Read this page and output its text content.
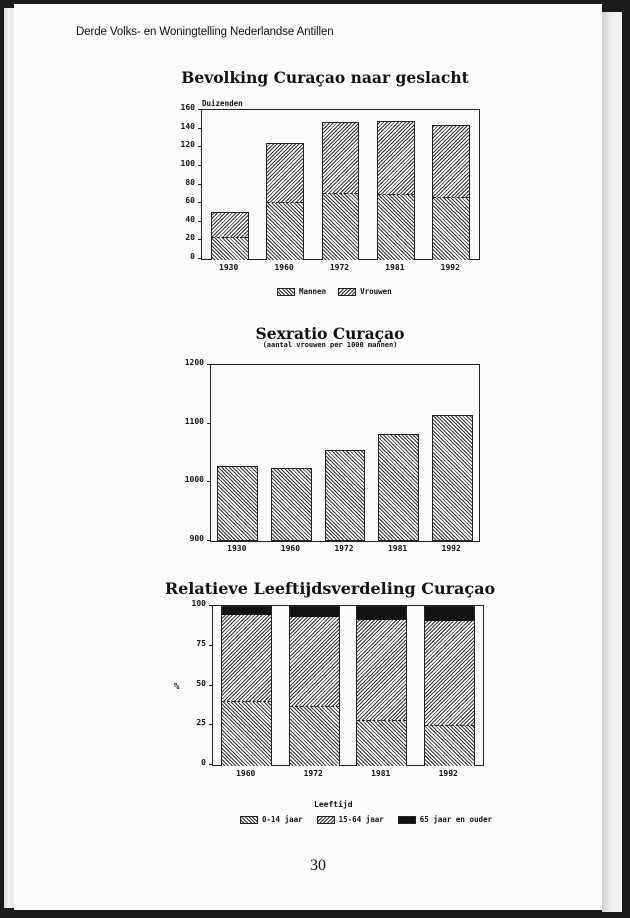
Derde Volks- en Woningtelling Nederlandse Antillen
Bevolking Curaçao naar geslacht
Duizenden
0
20
40
60
80
100
120
140
160
1930	1960	1972	1981	1992
Mannen	Vrouwen
Sexratio Curaçao
(aantal vrouwen per 1000 mannen)
900
1000
1100
1200
1930	1960	1972	1981	1992
Relatieve Leeftijdsverdeling Curaçao
%
0
25
50
75
100
1960	1972	1981	1992
Leeftijd
0-14 jaar	15-64 jaar	65 jaar en ouder
30
